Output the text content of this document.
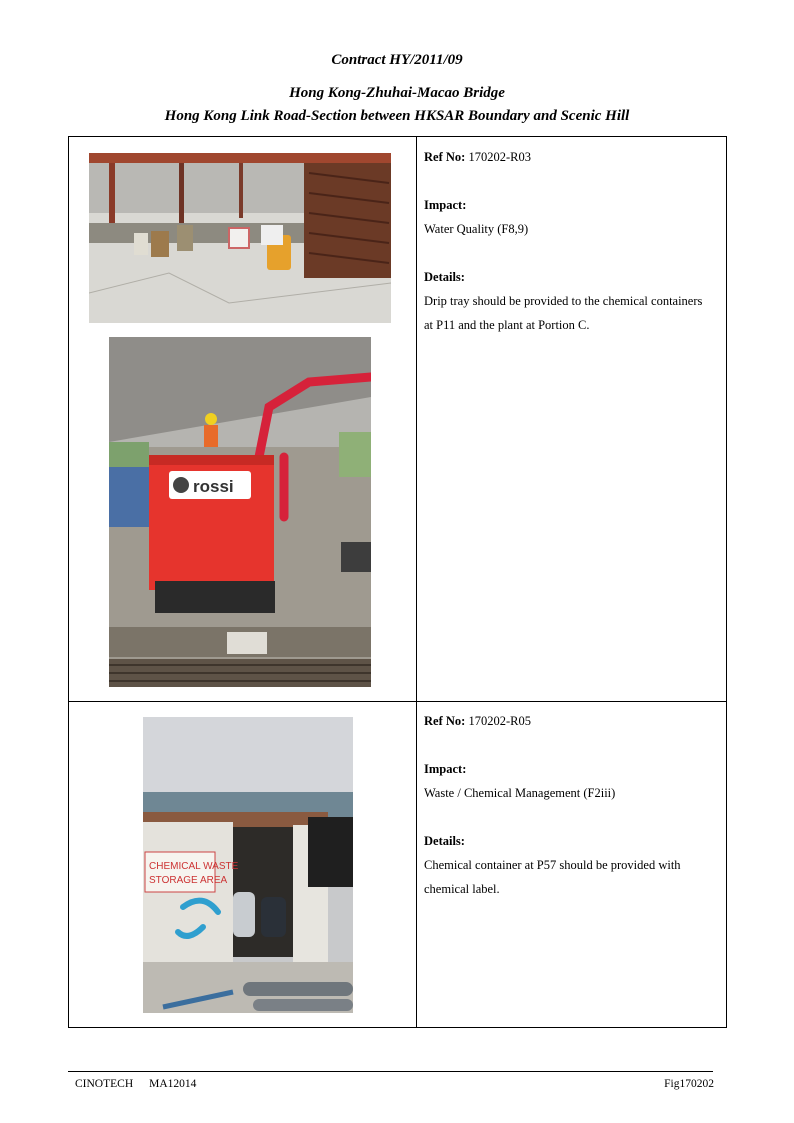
Contract HY/2011/09
Hong Kong-Zhuhai-Macao Bridge
Hong Kong Link Road-Section between HKSAR Boundary and Scenic Hill
rossi

Ref No: 170202-R03

Impact:

Water Quality (F8,9)

Details:

Drip tray should be provided to the chemical containers

at P11 and the plant at Portion C.

CHEMICAL WASTE
STORAGE AREA

Ref No: 170202-R05

Impact:

Waste / Chemical Management (F2iii)

Details:

Chemical container at P57 should be provided with

chemical label.

CINOTECH MA12014	Fig170202
